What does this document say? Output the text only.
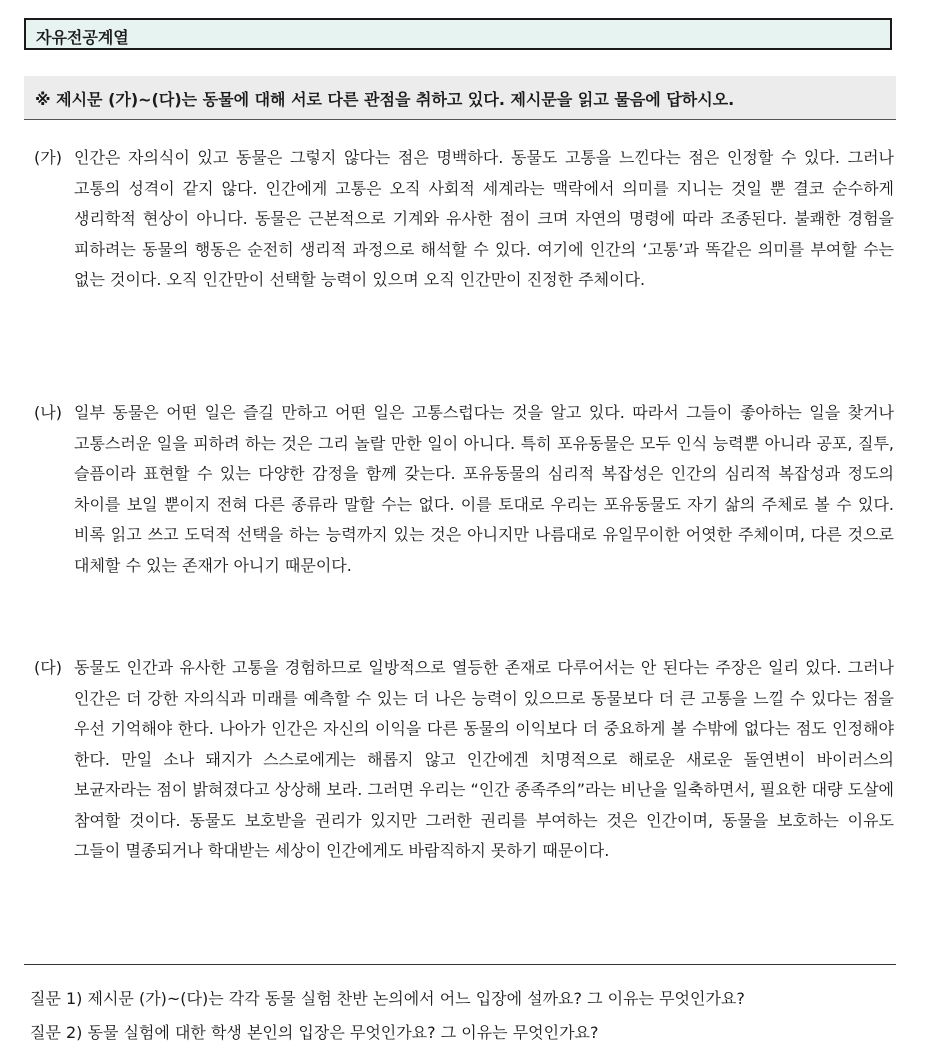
자유전공계열
※ 제시문 (가)~(다)는 동물에 대해 서로 다른 관점을 취하고 있다. 제시문을 읽고 물음에 답하시오.
(가) 인간은 자의식이 있고 동물은 그렇지 않다는 점은 명백하다. 동물도 고통을 느낀다는 점은 인정할 수 있다. 그러나 고통의 성격이 같지 않다. 인간에게 고통은 오직 사회적 세계라는 맥락에서 의미를 지니는 것일 뿐 결코 순수하게 생리학적 현상이 아니다. 동물은 근본적으로 기계와 유사한 점이 크며 자연의 명령에 따라 조종된다. 불쾌한 경험을 피하려는 동물의 행동은 순전히 생리적 과정으로 해석할 수 있다. 여기에 인간의 ‘고통’과 똑같은 의미를 부여할 수는 없는 것이다. 오직 인간만이 선택할 능력이 있으며 오직 인간만이 진정한 주체이다.
(나) 일부 동물은 어떤 일은 즐길 만하고 어떤 일은 고통스럽다는 것을 알고 있다. 따라서 그들이 좋아하는 일을 찾거나 고통스러운 일을 피하려 하는 것은 그리 놀랄 만한 일이 아니다. 특히 포유동물은 모두 인식 능력뿐 아니라 공포, 질투, 슬픔이라 표현할 수 있는 다양한 감정을 함께 갖는다. 포유동물의 심리적 복잡성은 인간의 심리적 복잡성과 정도의 차이를 보일 뿐이지 전혀 다른 종류라 말할 수는 없다. 이를 토대로 우리는 포유동물도 자기 삶의 주체로 볼 수 있다. 비록 읽고 쓰고 도덕적 선택을 하는 능력까지 있는 것은 아니지만 나름대로 유일무이한 어엿한 주체이며, 다른 것으로 대체할 수 있는 존재가 아니기 때문이다.
(다) 동물도 인간과 유사한 고통을 경험하므로 일방적으로 열등한 존재로 다루어서는 안 된다는 주장은 일리 있다. 그러나 인간은 더 강한 자의식과 미래를 예측할 수 있는 더 나은 능력이 있으므로 동물보다 더 큰 고통을 느낄 수 있다는 점을 우선 기억해야 한다. 나아가 인간은 자신의 이익을 다른 동물의 이익보다 더 중요하게 볼 수밖에 없다는 점도 인정해야 한다. 만일 소나 돼지가 스스로에게는 해롭지 않고 인간에겐 치명적으로 해로운 새로운 돌연변이 바이러스의 보균자라는 점이 밝혀졌다고 상상해 보라. 그러면 우리는 “인간 종족주의”라는 비난을 일축하면서, 필요한 대량 도살에 참여할 것이다. 동물도 보호받을 권리가 있지만 그러한 권리를 부여하는 것은 인간이며, 동물을 보호하는 이유도 그들이 멸종되거나 학대받는 세상이 인간에게도 바람직하지 못하기 때문이다.
질문 1) 제시문 (가)~(다)는 각각 동물 실험 찬반 논의에서 어느 입장에 설까요? 그 이유는 무엇인가요?
질문 2) 동물 실험에 대한 학생 본인의 입장은 무엇인가요? 그 이유는 무엇인가요?
